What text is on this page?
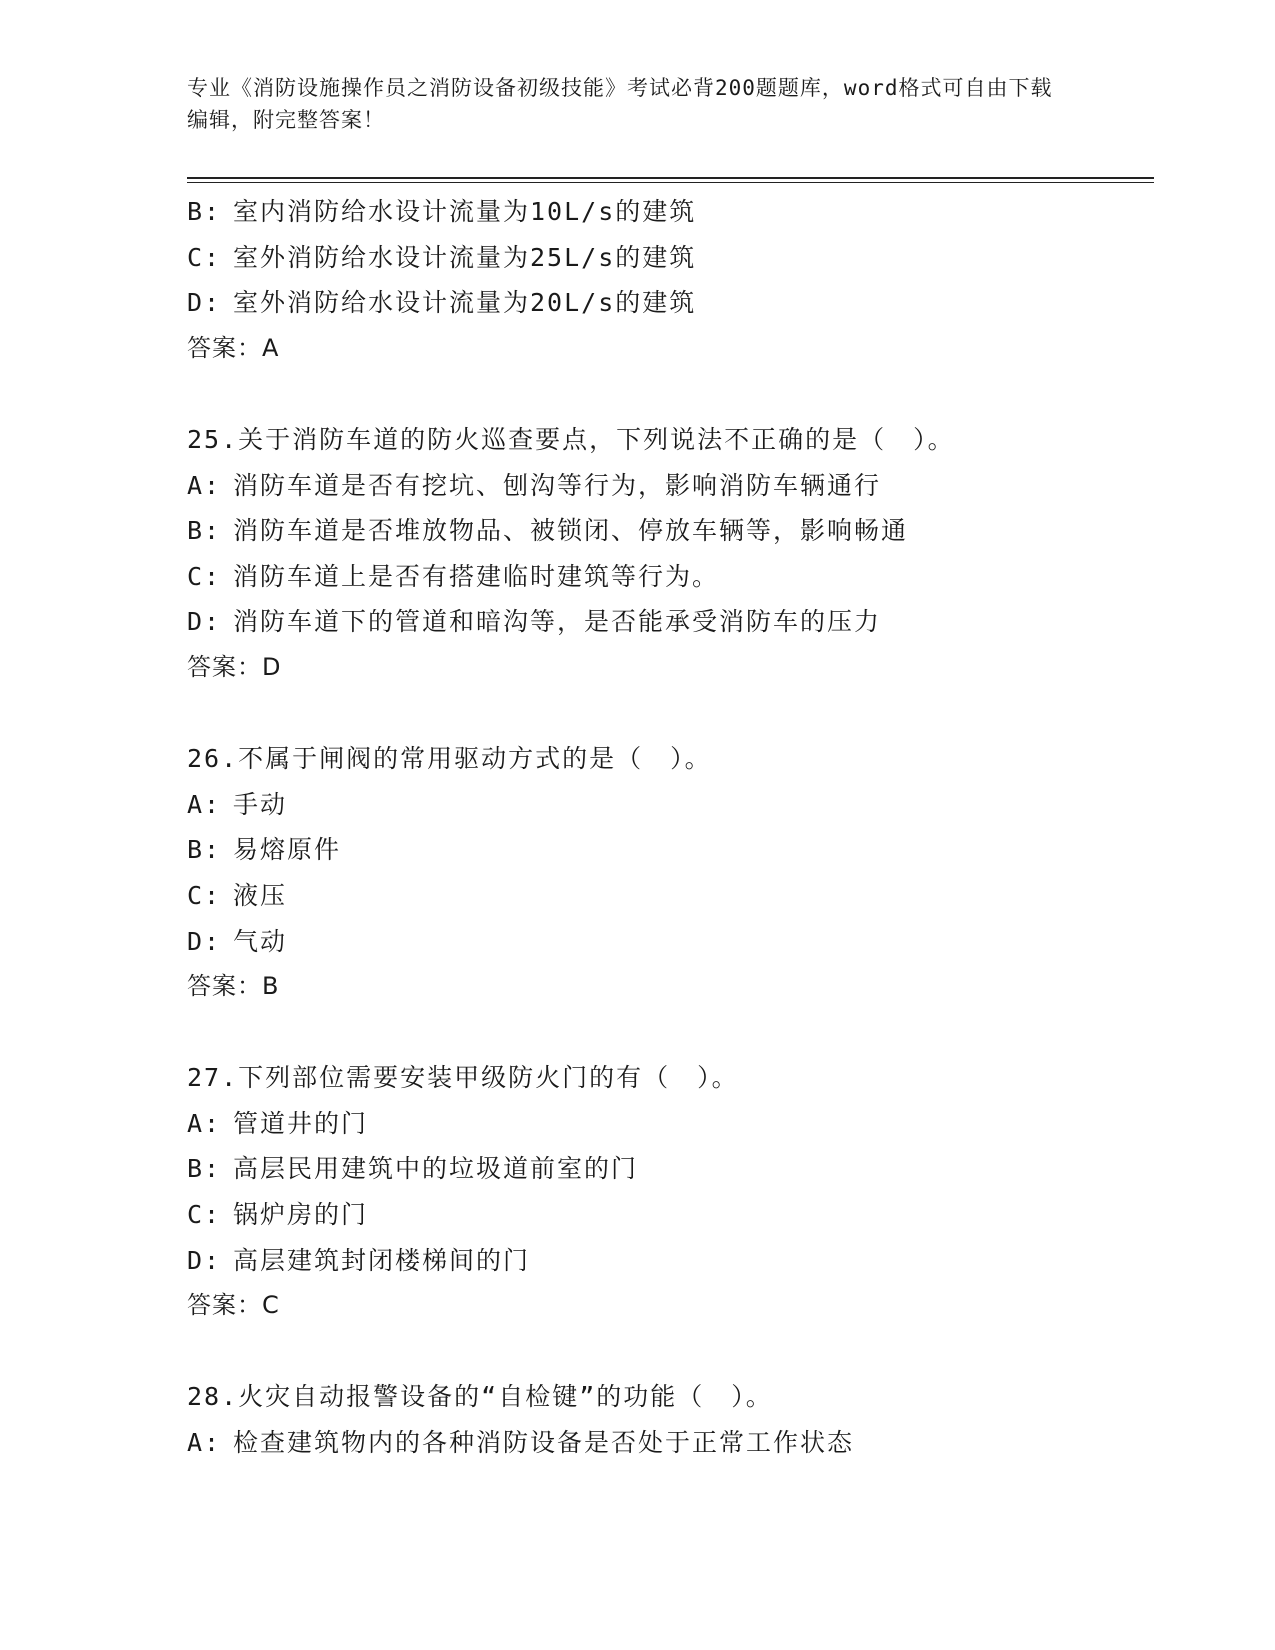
专业《消防设施操作员之消防设备初级技能》考试必背200题题库，word格式可自由下载编辑，附完整答案！
B: 室内消防给水设计流量为10L/s的建筑
C: 室外消防给水设计流量为25L/s的建筑
D: 室外消防给水设计流量为20L/s的建筑
答案：A
25.关于消防车道的防火巡查要点，下列说法不正确的是（　）。
A: 消防车道是否有挖坑、刨沟等行为，影响消防车辆通行
B: 消防车道是否堆放物品、被锁闭、停放车辆等，影响畅通
C: 消防车道上是否有搭建临时建筑等行为。
D: 消防车道下的管道和暗沟等，是否能承受消防车的压力
答案：D
26.不属于闸阀的常用驱动方式的是（　）。
A: 手动
B: 易熔原件
C: 液压
D: 气动
答案：B
27.下列部位需要安装甲级防火门的有（　）。
A: 管道井的门
B: 高层民用建筑中的垃圾道前室的门
C: 锅炉房的门
D: 高层建筑封闭楼梯间的门
答案：C
28.火灾自动报警设备的“自检键”的功能（　）。
A: 检查建筑物内的各种消防设备是否处于正常工作状态
